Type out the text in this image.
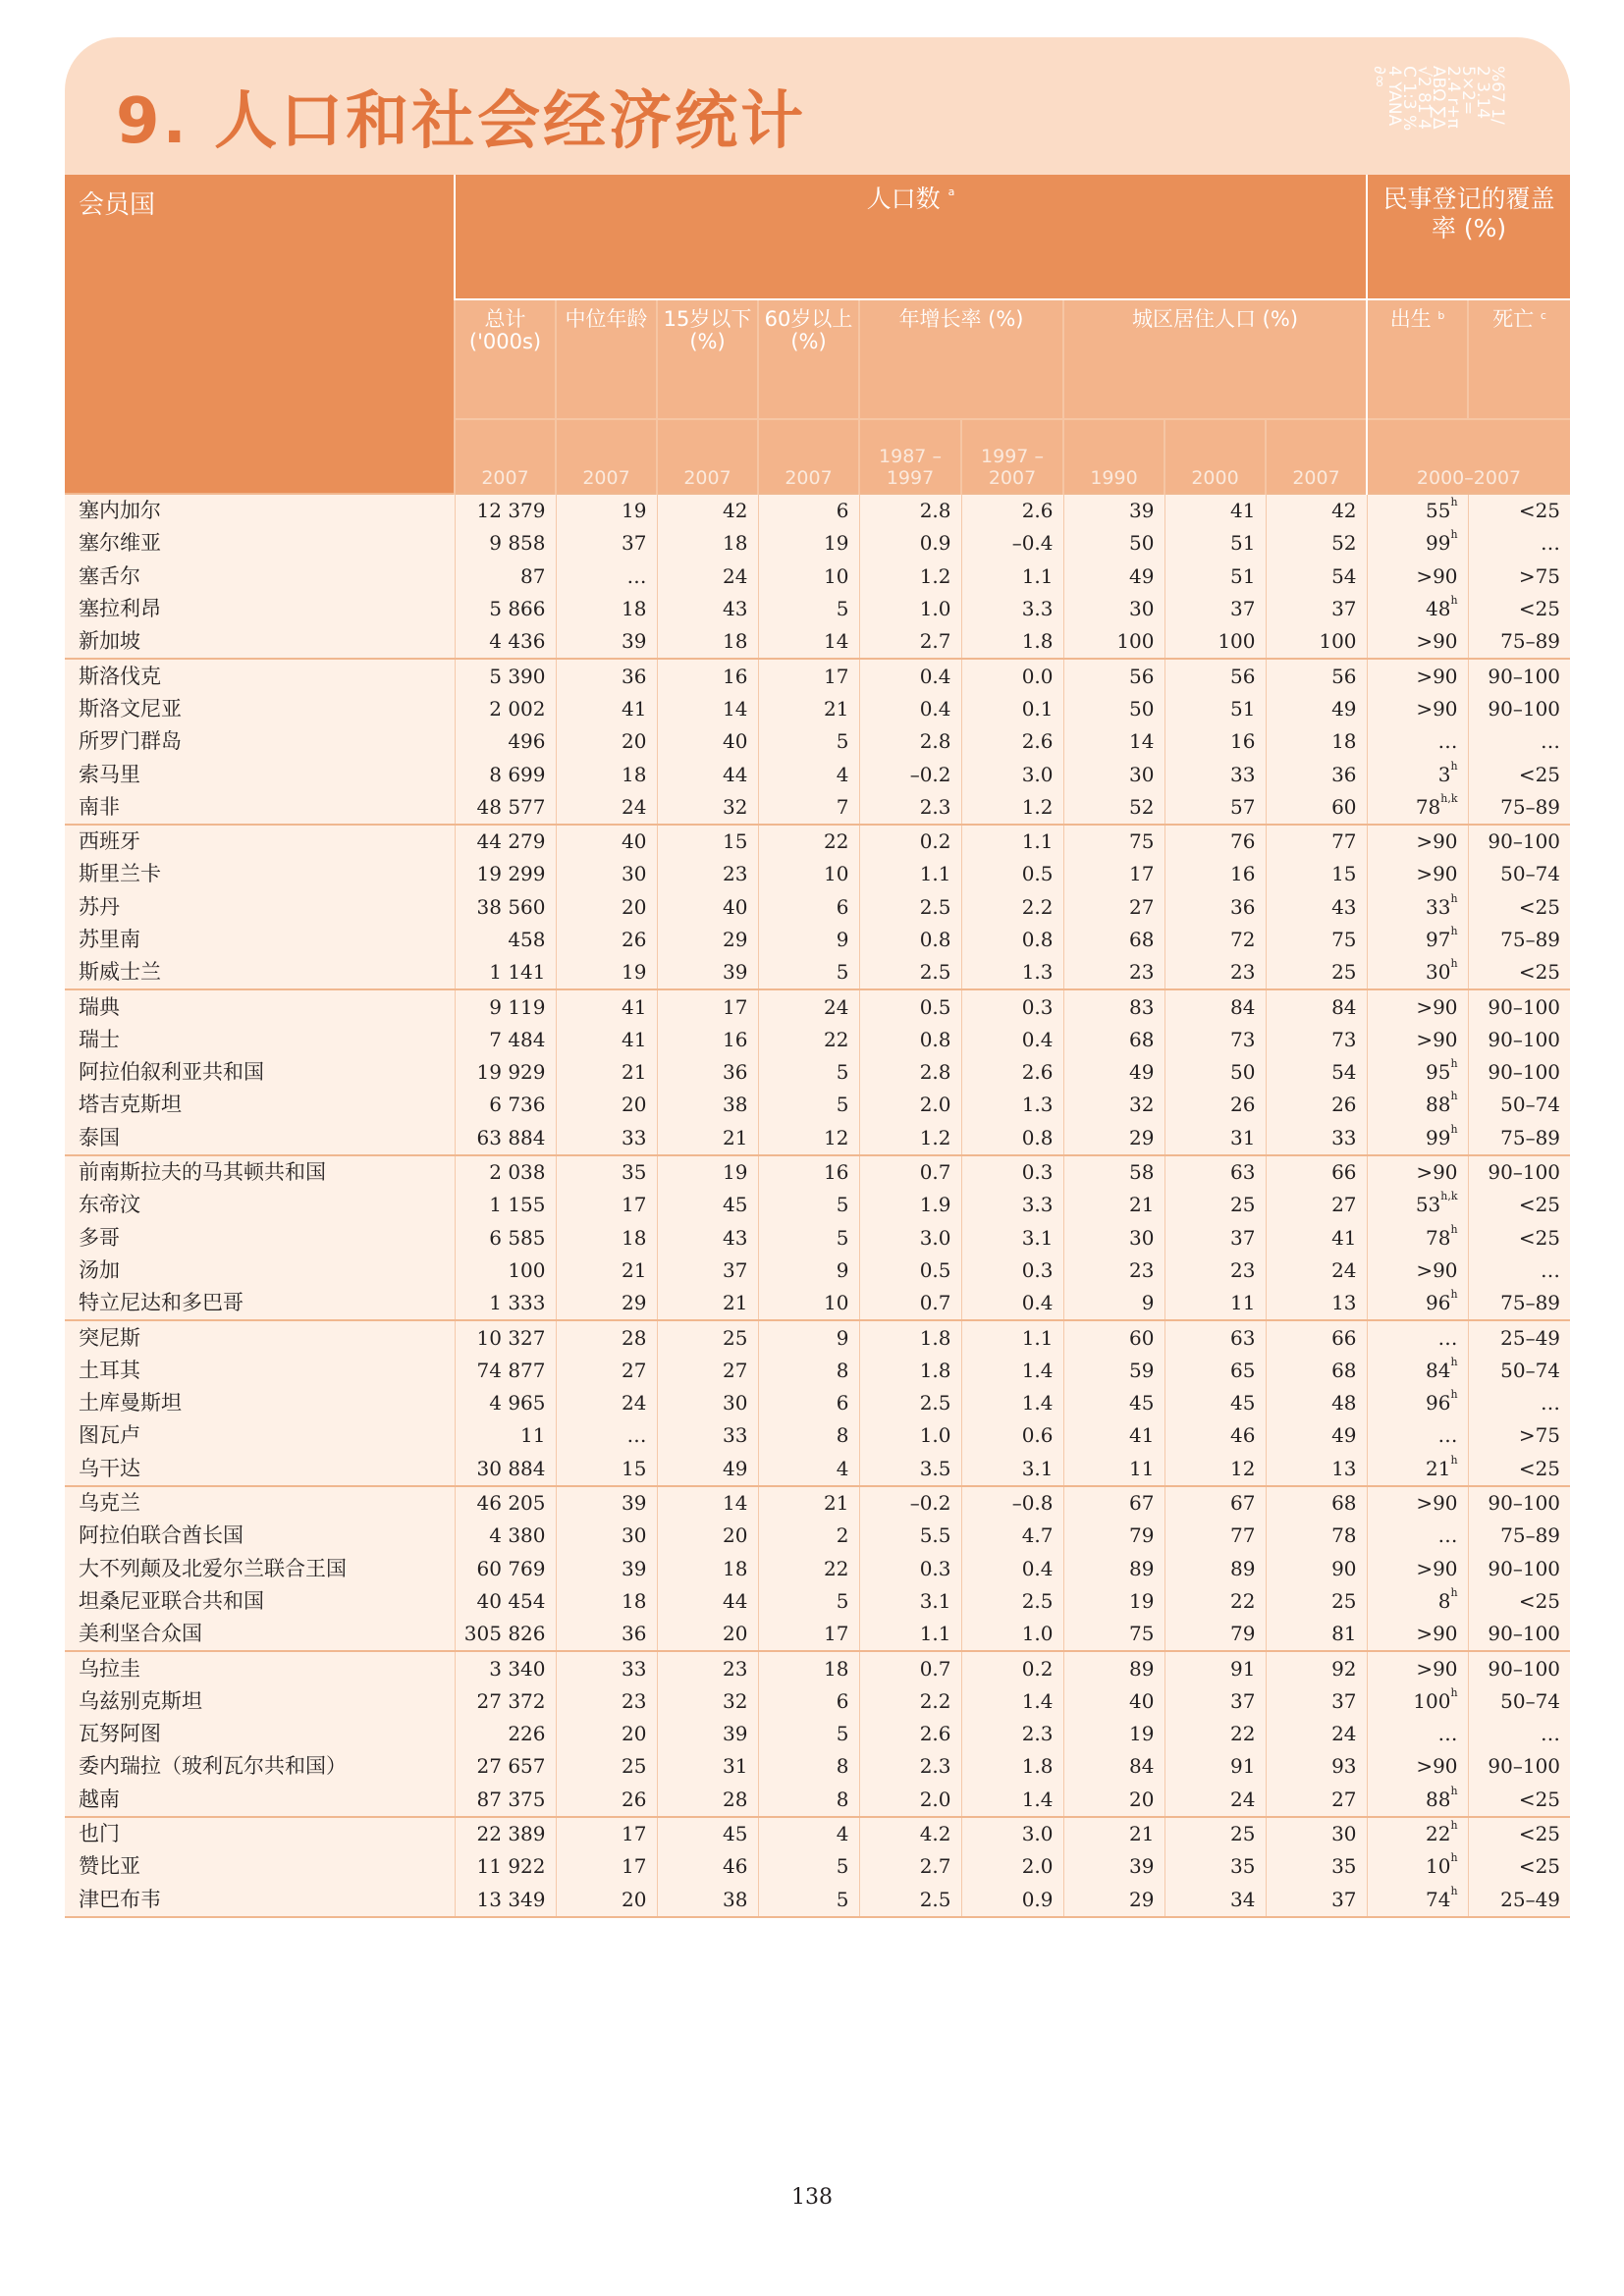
9. 人口和社会经济统计	%67 1/2 3.14 5×2= 2.4 r+π ABΩ ∑∆ √2 81 4C 1:3 %4 YANA ∂∞
会员国	人口数 $^a$									民事登记的覆盖率 (%)	
	总计 ('000s)	中位年龄	15岁以下 (%)	60岁以上 (%)	年增长率 (%)		城区居住人口 (%)			出生 $^b$	死亡 $^c$
	2007	2007	2007	2007	1987 –1997	1997 –2007	1990	2000	2007	2000–2007	
塞内加尔	12 379	19	42	6	2.8	2.6	39	41	42	$55^h$	<25
塞尔维亚	9 858	37	18	19	0.9	–0.4	50	51	52	99$^h$	…
塞舌尔	87	…	24	10	1.2	1.1	49	51	54	>90	>75
塞拉利昂	5 866	18	43	5	1.0	3.3	30	37	37	$48^h$	<25
新加坡	4 436	39	18	14	2.7	1.8	100	100	100	>90	75–89
斯洛伐克	5 390	36	16	17	0.4	0.0	56	56	56	>90	90–100
斯洛文尼亚	2 002	41	14	21	0.4	0.1	50	51	49	>90	90–100
所罗门群岛	496	20	40	5	2.8	2.6	14	16	18	…	…
索马里	8 699	18	44	4	–0.2	3.0	30	33	36	$3^h$	<25
南非	48 577	24	32	7	2.3	1.2	52	57	60	78$^{h,k}$	75–89
西班牙	44 279	40	15	22	0.2	1.1	75	76	77	>90	90–100
斯里兰卡	19 299	30	23	10	1.1	0.5	17	16	15	>90	50–74
苏丹	38 560	20	40	6	2.5	2.2	27	36	43	$33^h$	<25
苏里南	458	26	29	9	0.8	0.8	68	72	75	97$^h$	75–89
斯威士兰	1 141	19	39	5	2.5	1.3	23	23	25	$30^h$	<25
瑞典	9 119	41	17	24	0.5	0.3	83	84	84	>90	90–100
瑞士	7 484	41	16	22	0.8	0.4	68	73	73	>90	90–100
阿拉伯叙利亚共和国	19 929	21	36	5	2.8	2.6	49	50	54	95$^h$	90–100
塔吉克斯坦	6 736	20	38	5	2.0	1.3	32	26	26	88$^h$	50–74
泰国	63 884	33	21	12	1.2	0.8	29	31	33	99$^h$	75–89
前南斯拉夫的马其顿共和国	2 038	35	19	16	0.7	0.3	58	63	66	>90	90–100
东帝汶	1 155	17	45	5	1.9	3.3	21	25	27	$53^{h,k}$	<25
多哥	6 585	18	43	5	3.0	3.1	30	37	41	$78^h$	<25
汤加	100	21	37	9	0.5	0.3	23	23	24	>90	…
特立尼达和多巴哥	1 333	29	21	10	0.7	0.4	9	11	13	96$^h$	75–89
突尼斯	10 327	28	25	9	1.8	1.1	60	63	66	…	25–49
土耳其	74 877	27	27	8	1.8	1.4	59	65	68	84$^h$	50–74
土库曼斯坦	4 965	24	30	6	2.5	1.4	45	45	48	96$^h$	…
图瓦卢	11	…	33	8	1.0	0.6	41	46	49	…	>75
乌干达	30 884	15	49	4	3.5	3.1	11	12	13	$21^h$	<25
乌克兰	46 205	39	14	21	–0.2	–0.8	67	67	68	>90	90–100
阿拉伯联合酋长国	4 380	30	20	2	5.5	4.7	79	77	78	…	75–89
大不列颠及北爱尔兰联合王国	60 769	39	18	22	0.3	0.4	89	89	90	>90	90–100
坦桑尼亚联合共和国	40 454	18	44	5	3.1	2.5	19	22	25	$8^h$	<25
美利坚合众国	305 826	36	20	17	1.1	1.0	75	79	81	>90	90–100
乌拉圭	3 340	33	23	18	0.7	0.2	89	91	92	>90	90–100
乌兹别克斯坦	27 372	23	32	6	2.2	1.4	40	37	37	100$^h$	50–74
瓦努阿图	226	20	39	5	2.6	2.3	19	22	24	…	…
委内瑞拉（玻利瓦尔共和国）	27 657	25	31	8	2.3	1.8	84	91	93	>90	90–100
越南	87 375	26	28	8	2.0	1.4	20	24	27	$88^h$	<25
也门	22 389	17	45	4	4.2	3.0	21	25	30	$22^h$	<25
赞比亚	11 922	17	46	5	2.7	2.0	39	35	35	$10^h$	<25
津巴布韦	13 349	20	38	5	2.5	0.9	29	34	37	74$^h$	25–49
138
